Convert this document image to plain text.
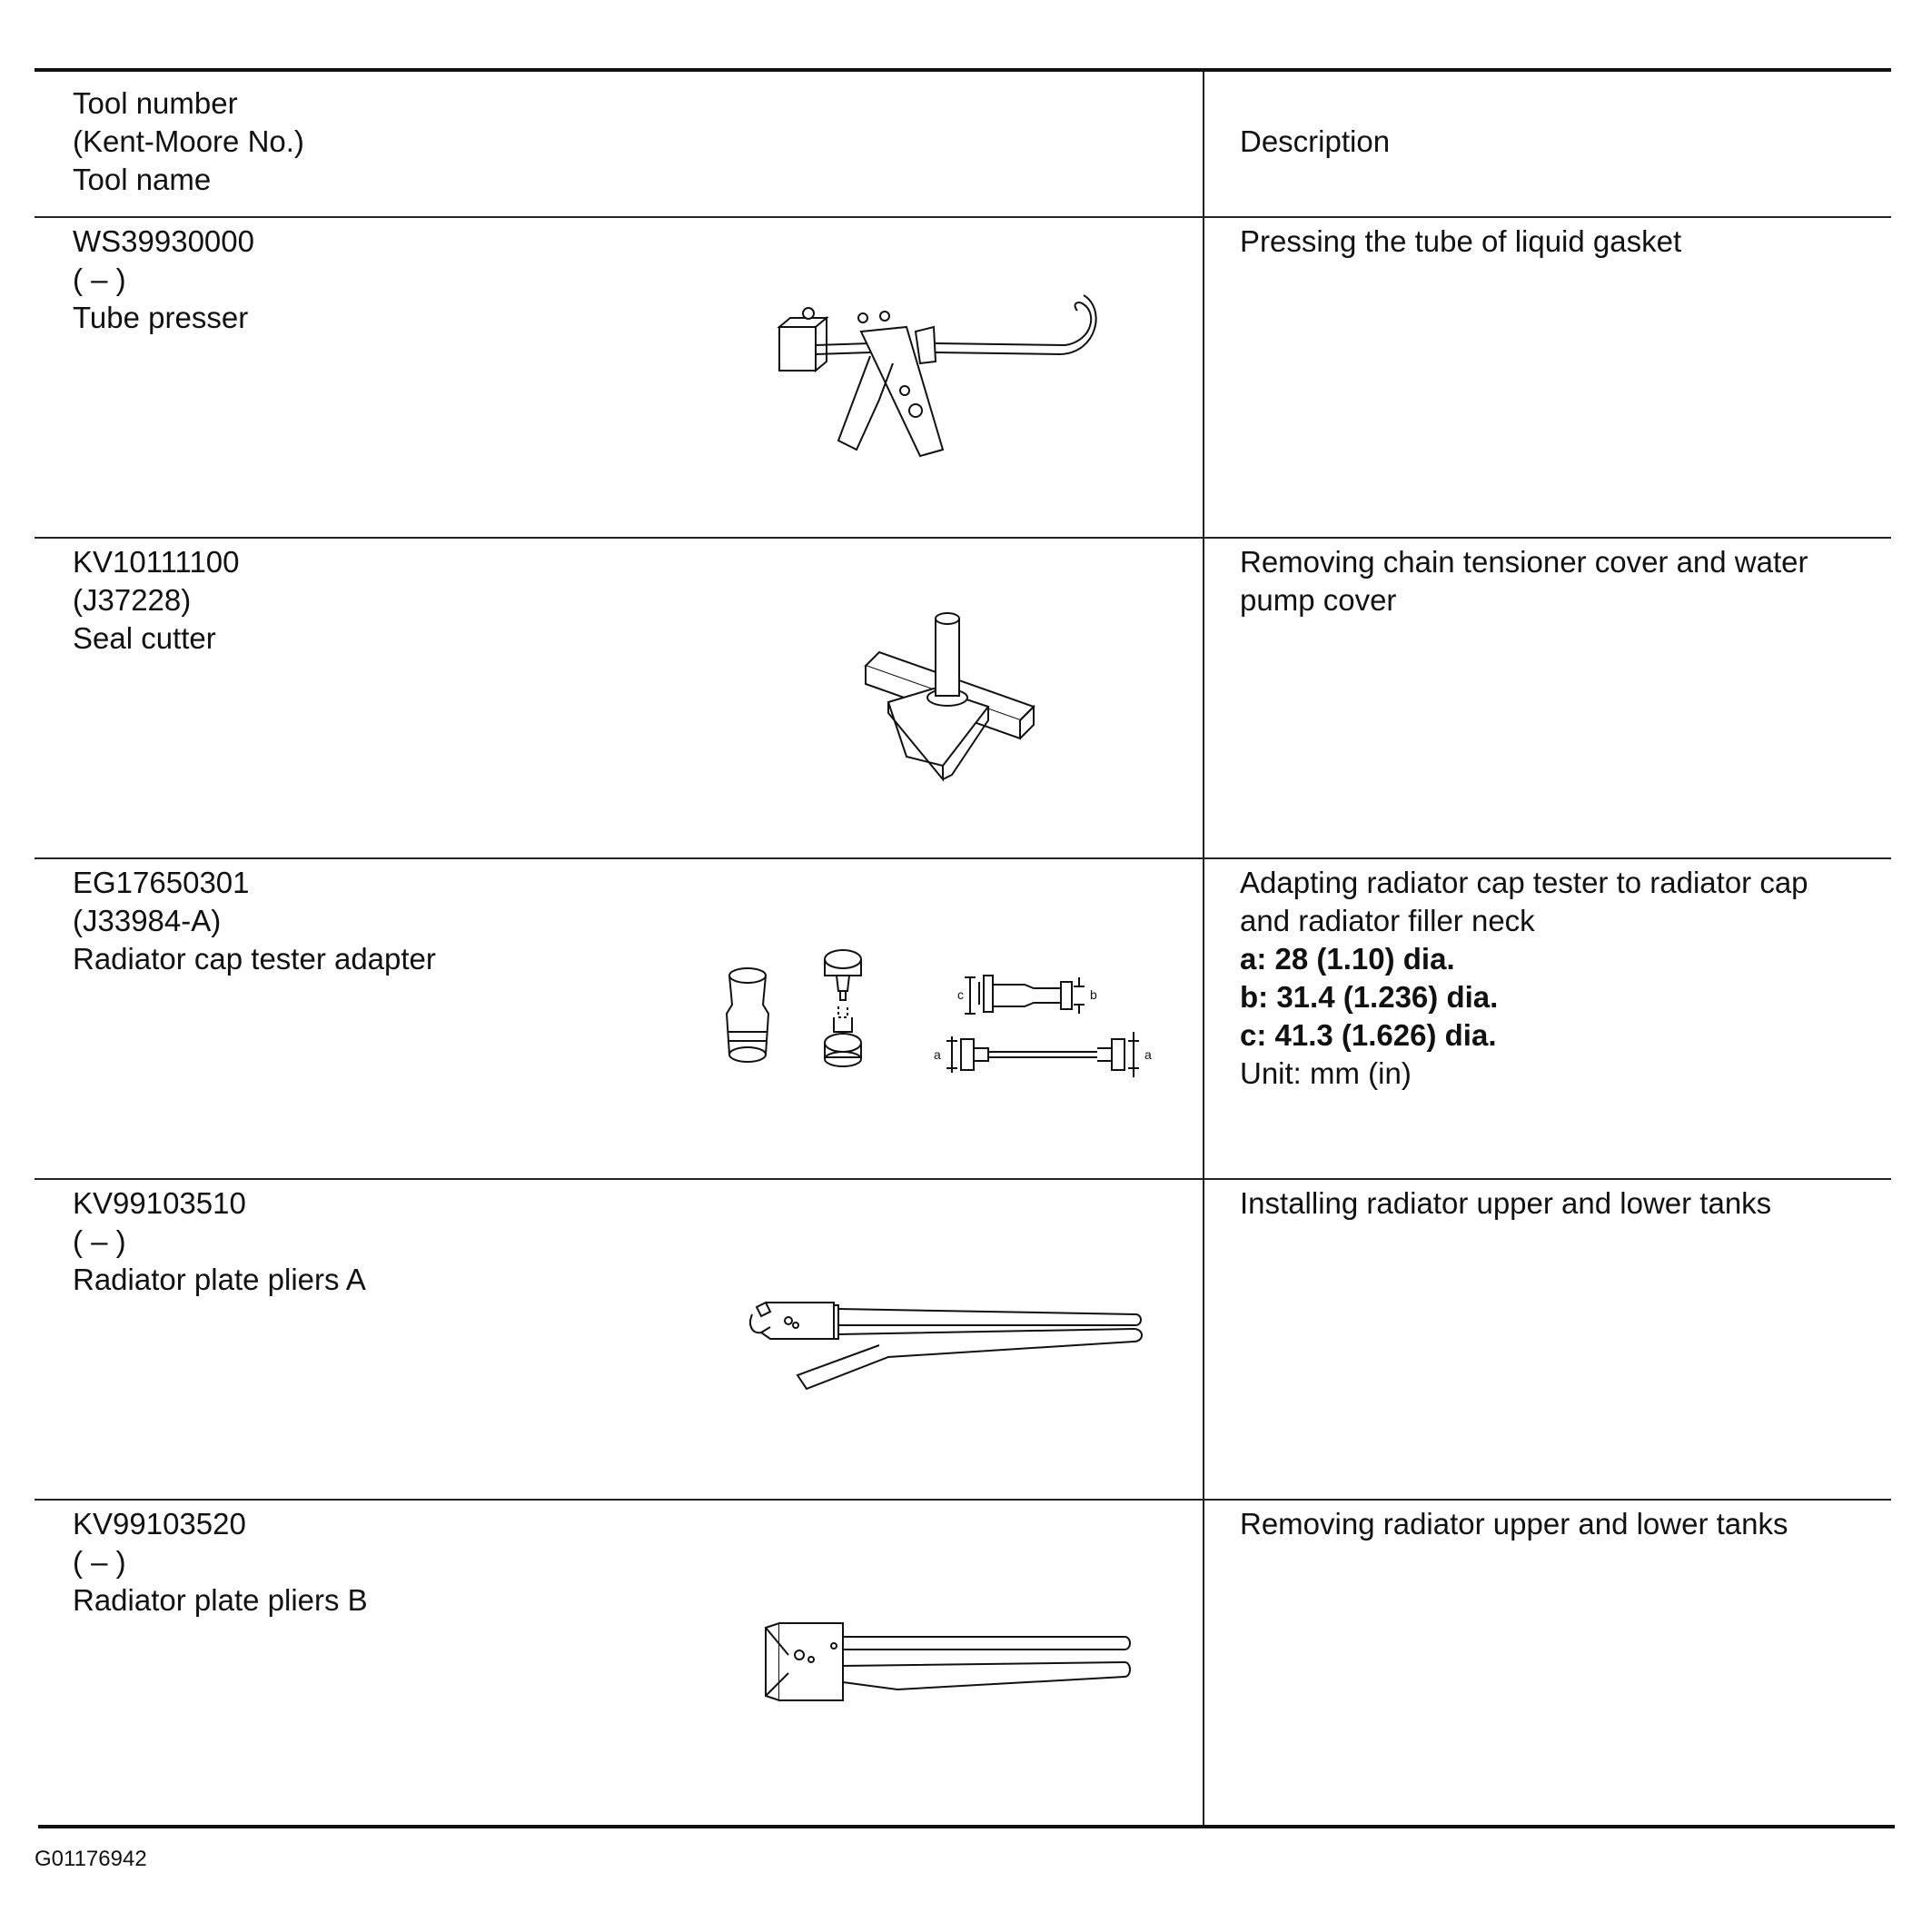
Tool number
(Kent-Moore No.)
Tool name
Description
WS39930000
( – )
Tube presser
Pressing the tube of liquid gasket
KV10111100
(J37228)
Seal cutter
Removing chain tensioner cover and water
pump cover
EG17650301
(J33984-A)
Radiator cap tester adapter
Adapting radiator cap tester to radiator cap
and radiator filler neck
a: 28 (1.10) dia.
b: 31.4 (1.236) dia.
c: 41.3 (1.626) dia.
Unit: mm (in)
c	b
a	a
KV99103510
( – )
Radiator plate pliers A
Installing radiator upper and lower tanks
KV99103520
( – )
Radiator plate pliers B
Removing radiator upper and lower tanks
G01176942
